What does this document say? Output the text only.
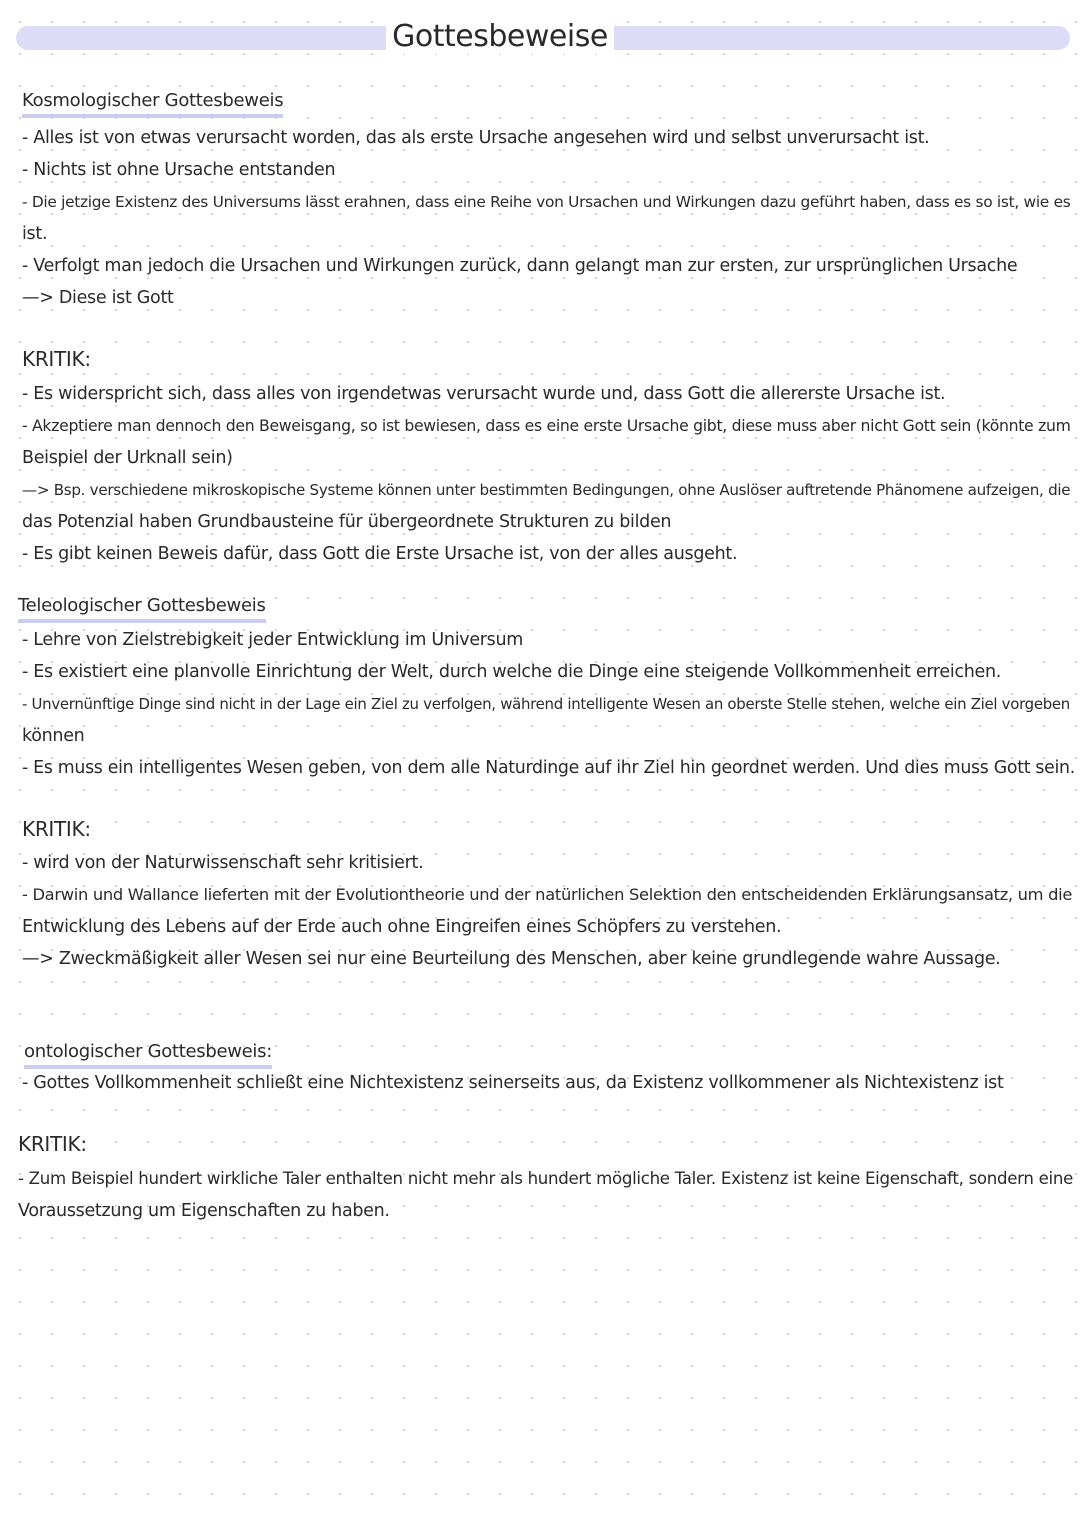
Gottesbeweise
Kosmologischer Gottesbeweis
- Alles ist von etwas verursacht worden, das als erste Ursache angesehen wird und selbst unverursacht ist.
- Nichts ist ohne Ursache entstanden
- Die jetzige Existenz des Universums lässt erahnen, dass eine Reihe von Ursachen und Wirkungen dazu geführt haben, dass es so ist, wie es
ist.
- Verfolgt man jedoch die Ursachen und Wirkungen zurück, dann gelangt man zur ersten, zur ursprünglichen Ursache
—> Diese ist Gott
KRITIK:
- Es widerspricht sich, dass alles von irgendetwas verursacht wurde und, dass Gott die allererste Ursache ist.
- Akzeptiere man dennoch den Beweisgang, so ist bewiesen, dass es eine erste Ursache gibt, diese muss aber nicht Gott sein (könnte zum
Beispiel der Urknall sein)
—> Bsp. verschiedene mikroskopische Systeme können unter bestimmten Bedingungen, ohne Auslöser auftretende Phänomene aufzeigen, die
das Potenzial haben Grundbausteine für übergeordnete Strukturen zu bilden
- Es gibt keinen Beweis dafür, dass Gott die Erste Ursache ist, von der alles ausgeht.
Teleologischer Gottesbeweis
- Lehre von Zielstrebigkeit jeder Entwicklung im Universum
- Es existiert eine planvolle Einrichtung der Welt, durch welche die Dinge eine steigende Vollkommenheit erreichen.
- Unvernünftige Dinge sind nicht in der Lage ein Ziel zu verfolgen, während intelligente Wesen an oberste Stelle stehen, welche ein Ziel vorgeben
können
- Es muss ein intelligentes Wesen geben, von dem alle Naturdinge auf ihr Ziel hin geordnet werden. Und dies muss Gott sein.
KRITIK:
- wird von der Naturwissenschaft sehr kritisiert.
- Darwin und Wallance lieferten mit der Evolutiontheorie und der natürlichen Selektion den entscheidenden Erklärungsansatz, um die
Entwicklung des Lebens auf der Erde auch ohne Eingreifen eines Schöpfers zu verstehen.
—> Zweckmäßigkeit aller Wesen sei nur eine Beurteilung des Menschen, aber keine grundlegende wahre Aussage.
ontologischer Gottesbeweis:
- Gottes Vollkommenheit schließt eine Nichtexistenz seinerseits aus, da Existenz vollkommener als Nichtexistenz ist
KRITIK:
- Zum Beispiel hundert wirkliche Taler enthalten nicht mehr als hundert mögliche Taler. Existenz ist keine Eigenschaft, sondern eine
Voraussetzung um Eigenschaften zu haben.
